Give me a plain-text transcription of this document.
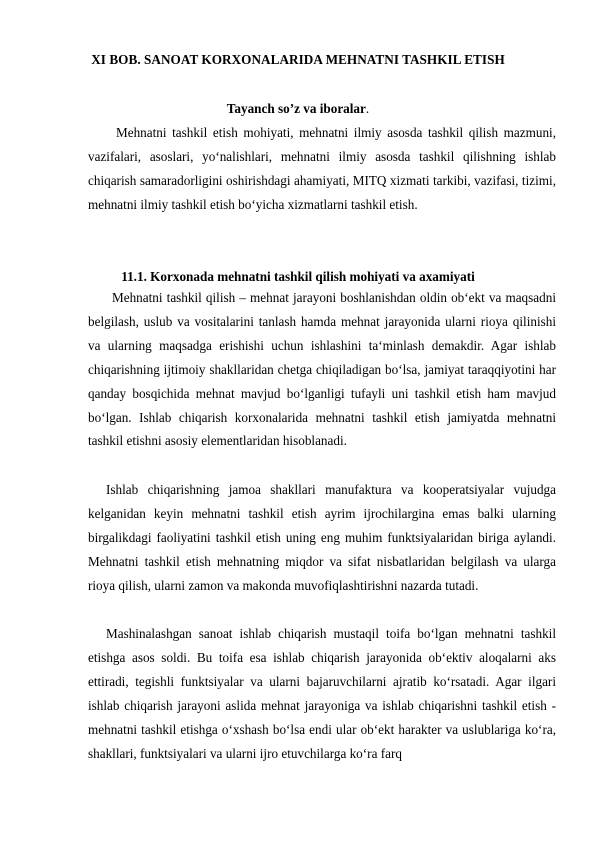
XI BOB. SANOAT KORXONALARIDA MEHNATNI TASHKIL ETISH

Tayanch so’z va iboralar.

Mehnatni tashkil etish mohiyati, mehnatni ilmiy asosda tashkil qilish mazmuni, vazifalari, asoslari, yo‘nalishlari, mehnatni ilmiy asosda tashkil qilishning ishlab chiqarish samaradorligini oshirishdagi ahamiyati, MITQ xizmati tarkibi, vazifasi, tizimi, mehnatni ilmiy tashkil etish bo‘yicha xizmatlarni tashkil etish.

11.1. Korxonada mehnatni tashkil qilish mohiyati va axamiyati

Mehnatni tashkil qilish – mehnat jarayoni boshlanishdan oldin ob‘ekt va maqsadni belgilash, uslub va vositalarini tanlash hamda mehnat jarayonida ularni rioya qilinishi va ularning maqsadga erishishi uchun ishlashini ta‘minlash demakdir. Agar ishlab chiqarishning ijtimoiy shakllaridan chetga chiqiladigan bo‘lsa, jamiyat taraqqiyotini har qanday bosqichida mehnat mavjud bo‘lganligi tufayli uni tashkil etish ham mavjud bo‘lgan. Ishlab chiqarish korxonalarida mehnatni tashkil etish jamiyatda mehnatni tashkil etishni asosiy elementlaridan hisoblanadi.

Ishlab chiqarishning jamoa shakllari manufaktura va kooperatsiyalar vujudga kelganidan keyin mehnatni tashkil etish ayrim ijrochilargina emas balki ularning birgalikdagi faoliyatini tashkil etish uning eng muhim funktsiyalaridan biriga aylandi. Mehnatni tashkil etish mehnatning miqdor va sifat nisbatlaridan belgilash va ularga rioya qilish, ularni zamon va makonda muvofiqlashtirishni nazarda tutadi.

Mashinalashgan sanoat ishlab chiqarish mustaqil toifa bo‘lgan mehnatni tashkil etishga asos soldi. Bu toifa esa ishlab chiqarish jarayonida ob‘ektiv aloqalarni aks ettiradi, tegishli funktsiyalar va ularni bajaruvchilarni ajratib ko‘rsatadi. Agar ilgari ishlab chiqarish jarayoni aslida mehnat jarayoniga va ishlab chiqarishni tashkil etish - mehnatni tashkil etishga o‘xshash bo‘lsa endi ular ob‘ekt harakter va uslublariga ko‘ra, shakllari, funktsiyalari va ularni ijro etuvchilarga ko‘ra farq
